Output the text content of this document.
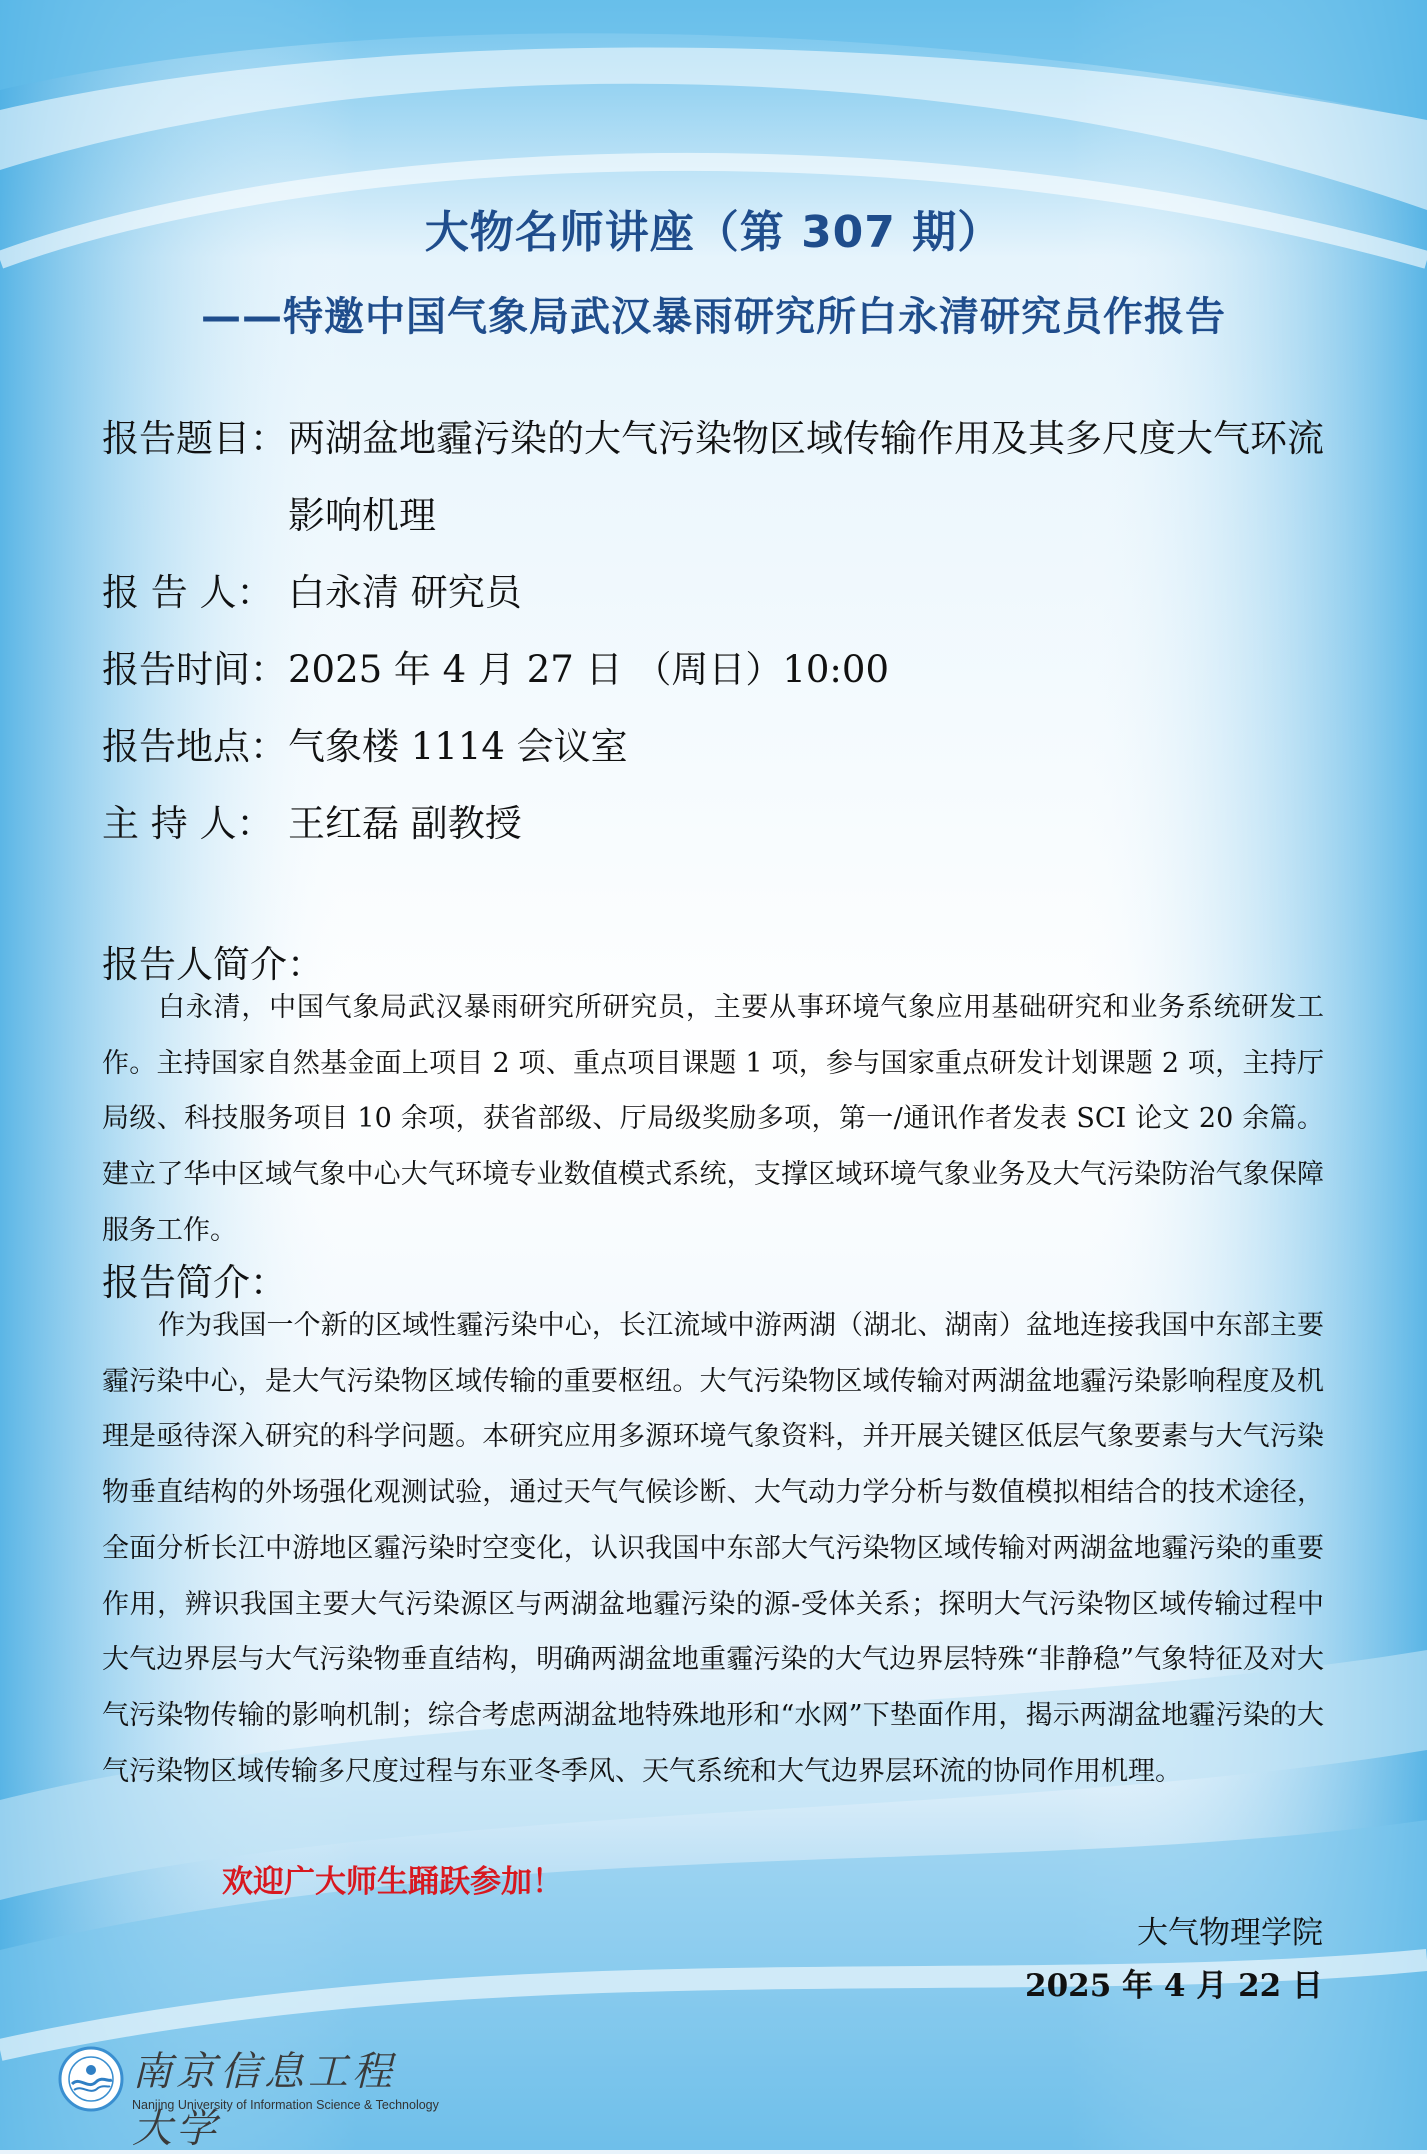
大物名师讲座（第 307 期）
——特邀中国气象局武汉暴雨研究所白永清研究员作报告
报告题目： 两湖盆地霾污染的大气污染物区域传输作用及其多尺度大气环流影响机理
报 告 人： 白永清 研究员
报告时间： 2025 年 4 月 27 日 （周日）10:00
报告地点： 气象楼 1114 会议室
主 持 人： 王红磊 副教授
报告人简介：

白永清，中国气象局武汉暴雨研究所研究员，主要从事环境气象应用基础研究和业务系统研发工作。主持国家自然基金面上项目 2 项、重点项目课题 1 项，参与国家重点研发计划课题 2 项，主持厅局级、科技服务项目 10 余项，获省部级、厅局级奖励多项，第一/通讯作者发表 SCI 论文 20 余篇。建立了华中区域气象中心大气环境专业数值模式系统，支撑区域环境气象业务及大气污染防治气象保障服务工作。

报告简介：

作为我国一个新的区域性霾污染中心，长江流域中游两湖（湖北、湖南）盆地连接我国中东部主要霾污染中心，是大气污染物区域传输的重要枢纽。大气污染物区域传输对两湖盆地霾污染影响程度及机理是亟待深入研究的科学问题。本研究应用多源环境气象资料，并开展关键区低层气象要素与大气污染物垂直结构的外场强化观测试验，通过天气气候诊断、大气动力学分析与数值模拟相结合的技术途径，全面分析长江中游地区霾污染时空变化，认识我国中东部大气污染物区域传输对两湖盆地霾污染的重要作用，辨识我国主要大气污染源区与两湖盆地霾污染的源-受体关系；探明大气污染物区域传输过程中大气边界层与大气污染物垂直结构，明确两湖盆地重霾污染的大气边界层特殊“非静稳”气象特征及对大气污染物传输的影响机制；综合考虑两湖盆地特殊地形和“水网”下垫面作用，揭示两湖盆地霾污染的大气污染物区域传输多尺度过程与东亚冬季风、天气系统和大气边界层环流的协同作用机理。

欢迎广大师生踊跃参加！

大气物理学院

2025 年 4 月 22 日

南京信息工程大学
Nanjing University of Information Science & Technology
